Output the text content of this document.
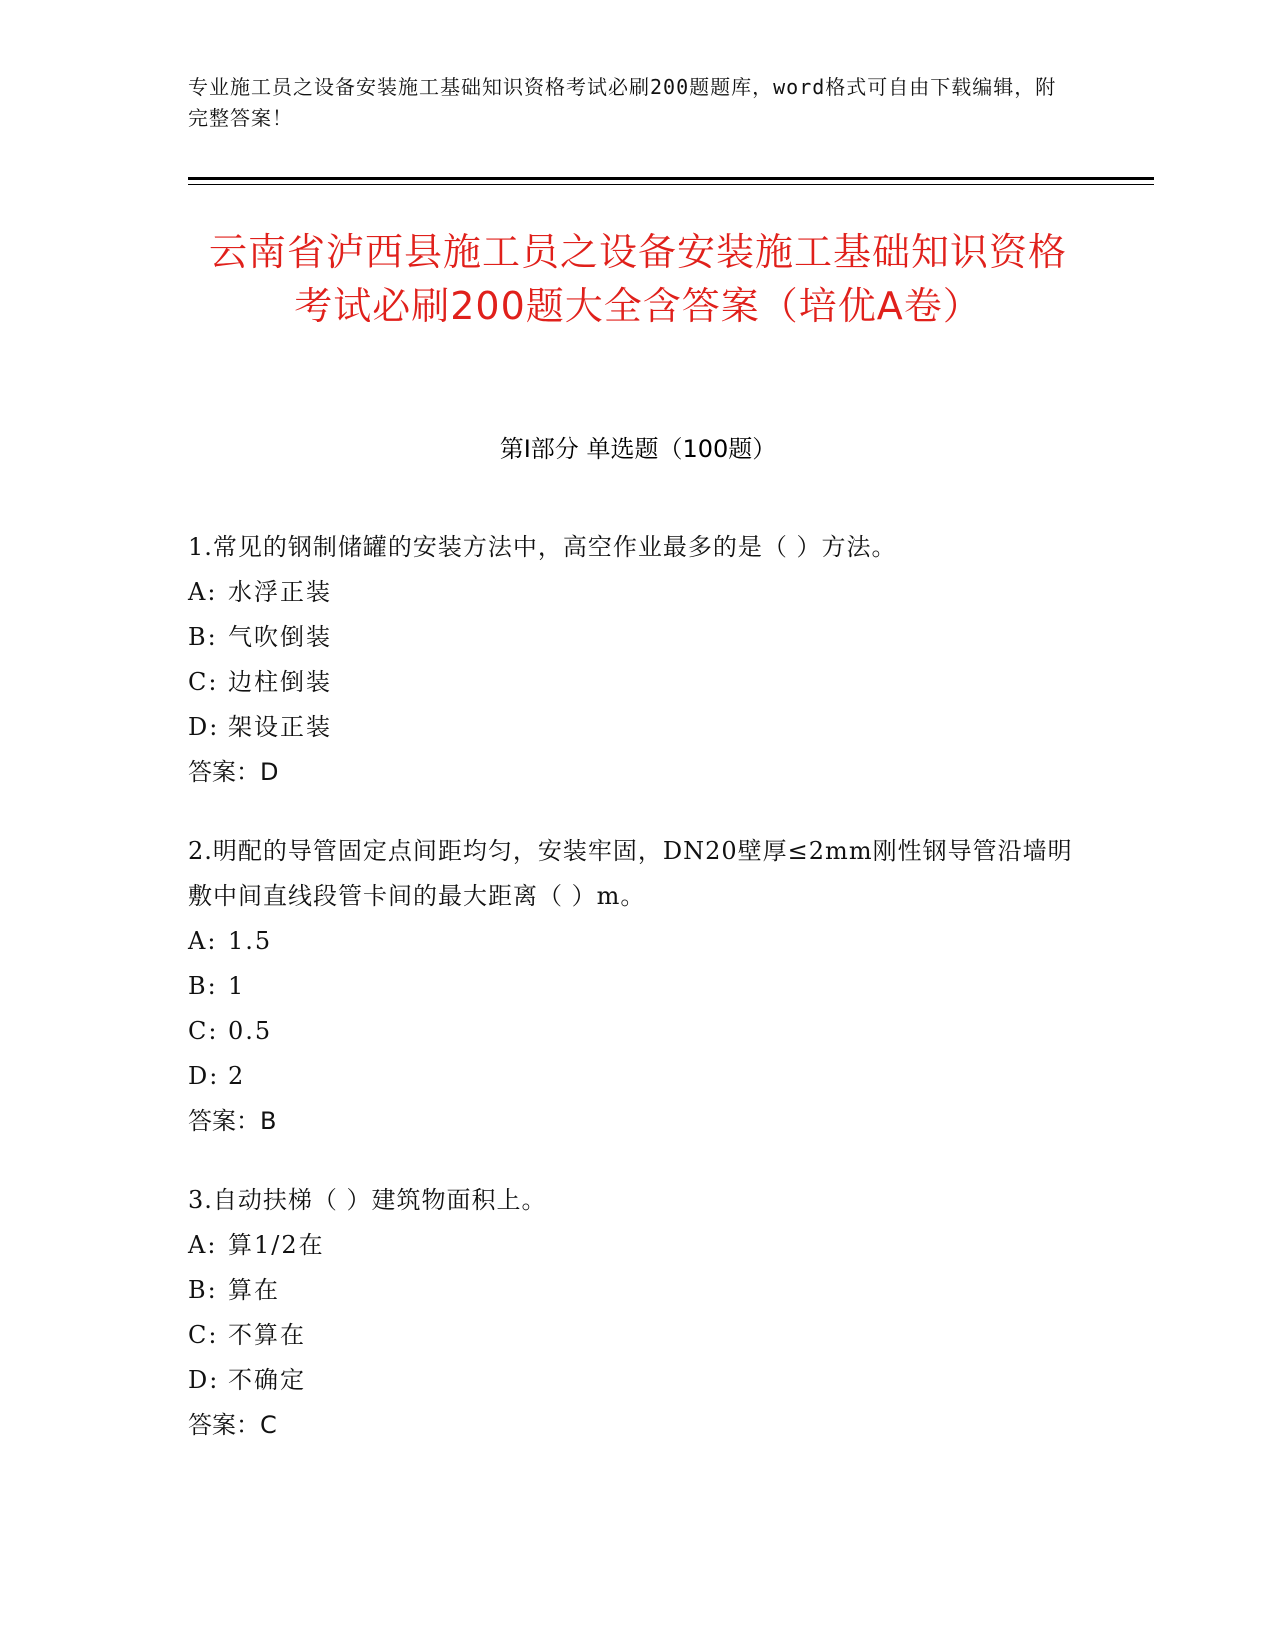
专业施工员之设备安装施工基础知识资格考试必刷200题题库，word格式可自由下载编辑，附完整答案！
云南省泸西县施工员之设备安装施工基础知识资格考试必刷200题大全含答案（培优A卷）
第I部分 单选题（100题）
1.常见的钢制储罐的安装方法中，高空作业最多的是（ ）方法。
A: 水浮正装
B: 气吹倒装
C: 边柱倒装
D: 架设正装
答案：D
2.明配的导管固定点间距均匀，安装牢固，DN20壁厚≤2mm刚性钢导管沿墙明敷中间直线段管卡间的最大距离（ ）m。
A: 1.5
B: 1
C: 0.5
D: 2
答案：B
3.自动扶梯（ ）建筑物面积上。
A: 算1/2在
B: 算在
C: 不算在
D: 不确定
答案：C
